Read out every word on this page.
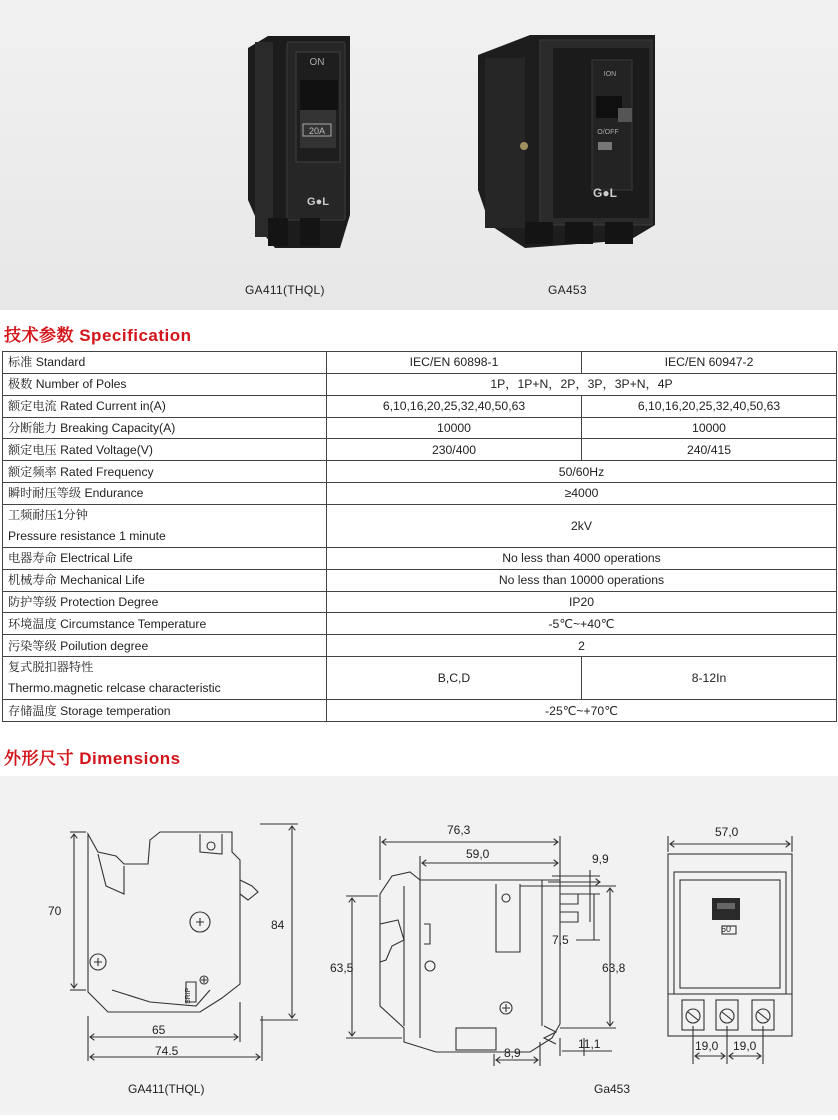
ON
20A
G●L
ION
O/OFF
G●L
GA411(THQL)	GA453
技术参数 Specification
标准 Standard	IEC/EN 60898-1	IEC/EN 60947-2
极数 Number of Poles	1P，1P+N，2P，3P，3P+N，4P	
额定电流 Rated Current in(A)	6,10,16,20,25,32,40,50,63	6,10,16,20,25,32,40,50,63
分断能力 Breaking Capacity(A)	10000	10000
额定电压 Rated Voltage(V)	230/400	240/415
额定频率 Rated Frequency	50/60Hz	
瞬时耐压等级 Endurance	≥4000	

工频耐压1分钟
Pressure resistance 1 minute	2kV	
电器寿命 Electrical Life	No less than 4000 operations	
机械寿命 Mechanical Life	No less than 10000 operations	
防护等级 Protection Degree	IP20	
环境温度 Circumstance Temperature	-5℃~+40℃	
污染等级 Poilution degree	2	

复式脱扣器特性
Thermo.magnetic relcase characteristic	B,C,D	8-12In
存储温度 Storage temperation	-25℃~+70℃	
外形尺寸 Dimensions
70
84
65
74.5
SRIP
GA411(THQL)
76,3
59,0	9,9
7,5
63,5	63,8
8,9
11,1
Ga453
50
57,0
19,0 19,0
